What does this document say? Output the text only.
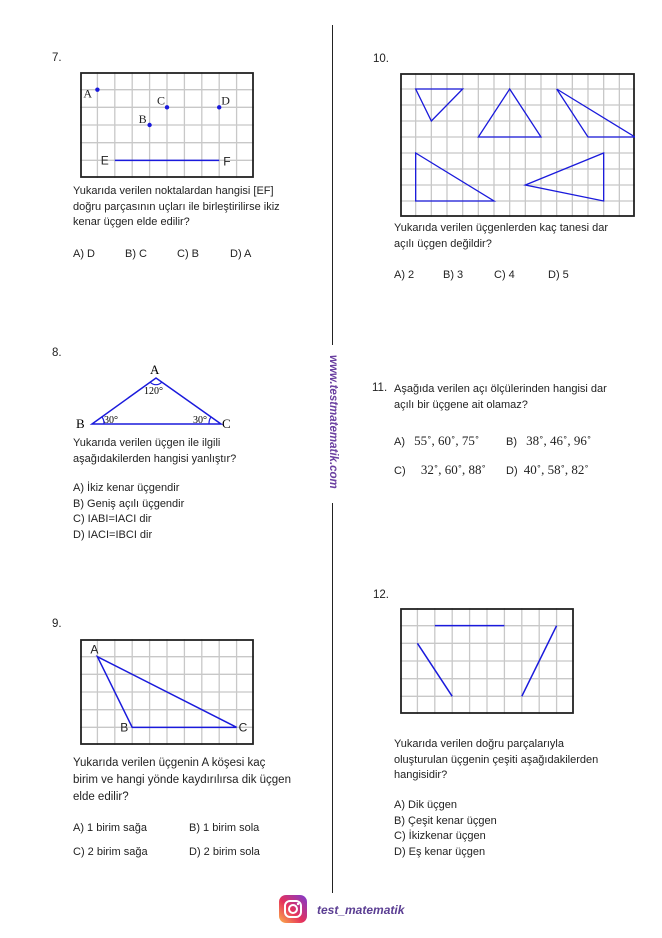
www.testmatematik.com
7.
A	C	D
B
E	F
Yukarıda verilen noktalardan hangisi [EF]
doğru parçasının uçları ile birleştirilirse ikiz
kenar üçgen elde edilir?
A) D	B) C	C) B	D) A
8.
A
B	C
120°
30°	30°
Yukarıda verilen üçgen ile ilgili
aşağıdakilerden hangisi yanlıştır?
A) İkiz kenar üçgendir
B) Geniş açılı üçgendir
C) IABI=IACI dir
D) IACI=IBCI dir
9.
A
B	C
Yukarıda verilen üçgenin A köşesi kaç
birim ve hangi yönde kaydırılırsa dik üçgen
elde edilir?
A) 1 birim sağa	B) 1 birim sola
C) 2 birim sağa	D) 2 birim sola
10.
Yukarıda verilen üçgenlerden kaç tanesi dar
açılı üçgen değildir?
A) 2	B) 3	C) 4	D) 5
11. Aşağıda verilen açı ölçülerinden hangisi dar
açılı bir üçgene ait olamaz?
A) 55˚, 60˚, 75˚ B) 38˚, 46˚, 96˚
C) 32˚, 60˚, 88˚ D) 40˚, 58˚, 82˚
12.
Yukarıda verilen doğru parçalarıyla
oluşturulan üçgenin çeşiti aşağıdakilerden
hangisidir?
A) Dik üçgen
B) Çeşit kenar üçgen
C) İkizkenar üçgen
D) Eş kenar üçgen
test_matematik
